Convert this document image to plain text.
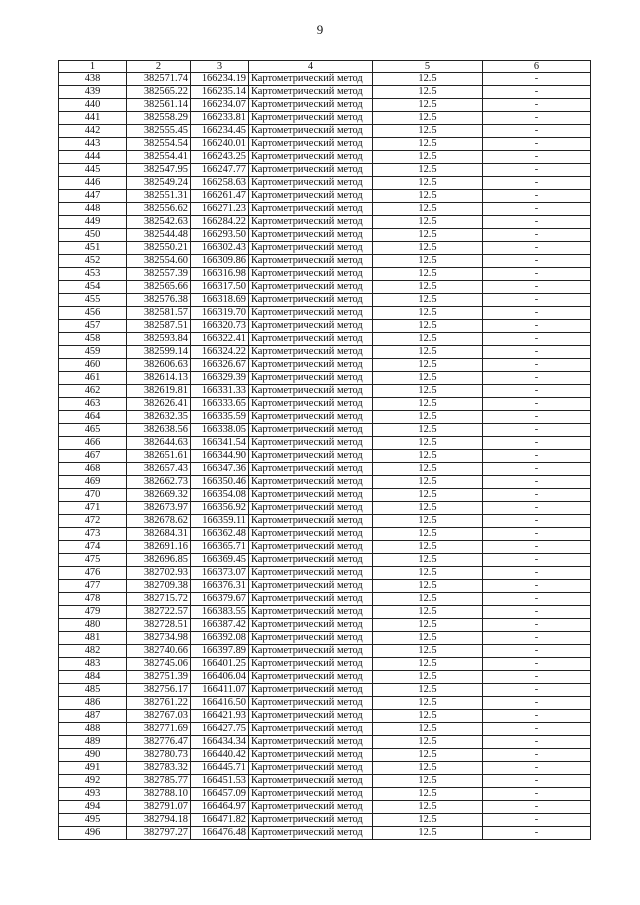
9
1	2	3	4	5	6
438	382571.74	166234.19	Картометрический метод	12.5	-
439	382565.22	166235.14	Картометрический метод	12.5	-
440	382561.14	166234.07	Картометрический метод	12.5	-
441	382558.29	166233.81	Картометрический метод	12.5	-
442	382555.45	166234.45	Картометрический метод	12.5	-
443	382554.54	166240.01	Картометрический метод	12.5	-
444	382554.41	166243.25	Картометрический метод	12.5	-
445	382547.95	166247.77	Картометрический метод	12.5	-
446	382549.24	166258.63	Картометрический метод	12.5	-
447	382551.31	166261.47	Картометрический метод	12.5	-
448	382556.62	166271.23	Картометрический метод	12.5	-
449	382542.63	166284.22	Картометрический метод	12.5	-
450	382544.48	166293.50	Картометрический метод	12.5	-
451	382550.21	166302.43	Картометрический метод	12.5	-
452	382554.60	166309.86	Картометрический метод	12.5	-
453	382557.39	166316.98	Картометрический метод	12.5	-
454	382565.66	166317.50	Картометрический метод	12.5	-
455	382576.38	166318.69	Картометрический метод	12.5	-
456	382581.57	166319.70	Картометрический метод	12.5	-
457	382587.51	166320.73	Картометрический метод	12.5	-
458	382593.84	166322.41	Картометрический метод	12.5	-
459	382599.14	166324.22	Картометрический метод	12.5	-
460	382606.63	166326.67	Картометрический метод	12.5	-
461	382614.13	166329.39	Картометрический метод	12.5	-
462	382619.81	166331.33	Картометрический метод	12.5	-
463	382626.41	166333.65	Картометрический метод	12.5	-
464	382632.35	166335.59	Картометрический метод	12.5	-
465	382638.56	166338.05	Картометрический метод	12.5	-
466	382644.63	166341.54	Картометрический метод	12.5	-
467	382651.61	166344.90	Картометрический метод	12.5	-
468	382657.43	166347.36	Картометрический метод	12.5	-
469	382662.73	166350.46	Картометрический метод	12.5	-
470	382669.32	166354.08	Картометрический метод	12.5	-
471	382673.97	166356.92	Картометрический метод	12.5	-
472	382678.62	166359.11	Картометрический метод	12.5	-
473	382684.31	166362.48	Картометрический метод	12.5	-
474	382691.16	166365.71	Картометрический метод	12.5	-
475	382696.85	166369.45	Картометрический метод	12.5	-
476	382702.93	166373.07	Картометрический метод	12.5	-
477	382709.38	166376.31	Картометрический метод	12.5	-
478	382715.72	166379.67	Картометрический метод	12.5	-
479	382722.57	166383.55	Картометрический метод	12.5	-
480	382728.51	166387.42	Картометрический метод	12.5	-
481	382734.98	166392.08	Картометрический метод	12.5	-
482	382740.66	166397.89	Картометрический метод	12.5	-
483	382745.06	166401.25	Картометрический метод	12.5	-
484	382751.39	166406.04	Картометрический метод	12.5	-
485	382756.17	166411.07	Картометрический метод	12.5	-
486	382761.22	166416.50	Картометрический метод	12.5	-
487	382767.03	166421.93	Картометрический метод	12.5	-
488	382771.69	166427.75	Картометрический метод	12.5	-
489	382776.47	166434.34	Картометрический метод	12.5	-
490	382780.73	166440.42	Картометрический метод	12.5	-
491	382783.32	166445.71	Картометрический метод	12.5	-
492	382785.77	166451.53	Картометрический метод	12.5	-
493	382788.10	166457.09	Картометрический метод	12.5	-
494	382791.07	166464.97	Картометрический метод	12.5	-
495	382794.18	166471.82	Картометрический метод	12.5	-
496	382797.27	166476.48	Картометрический метод	12.5	-
